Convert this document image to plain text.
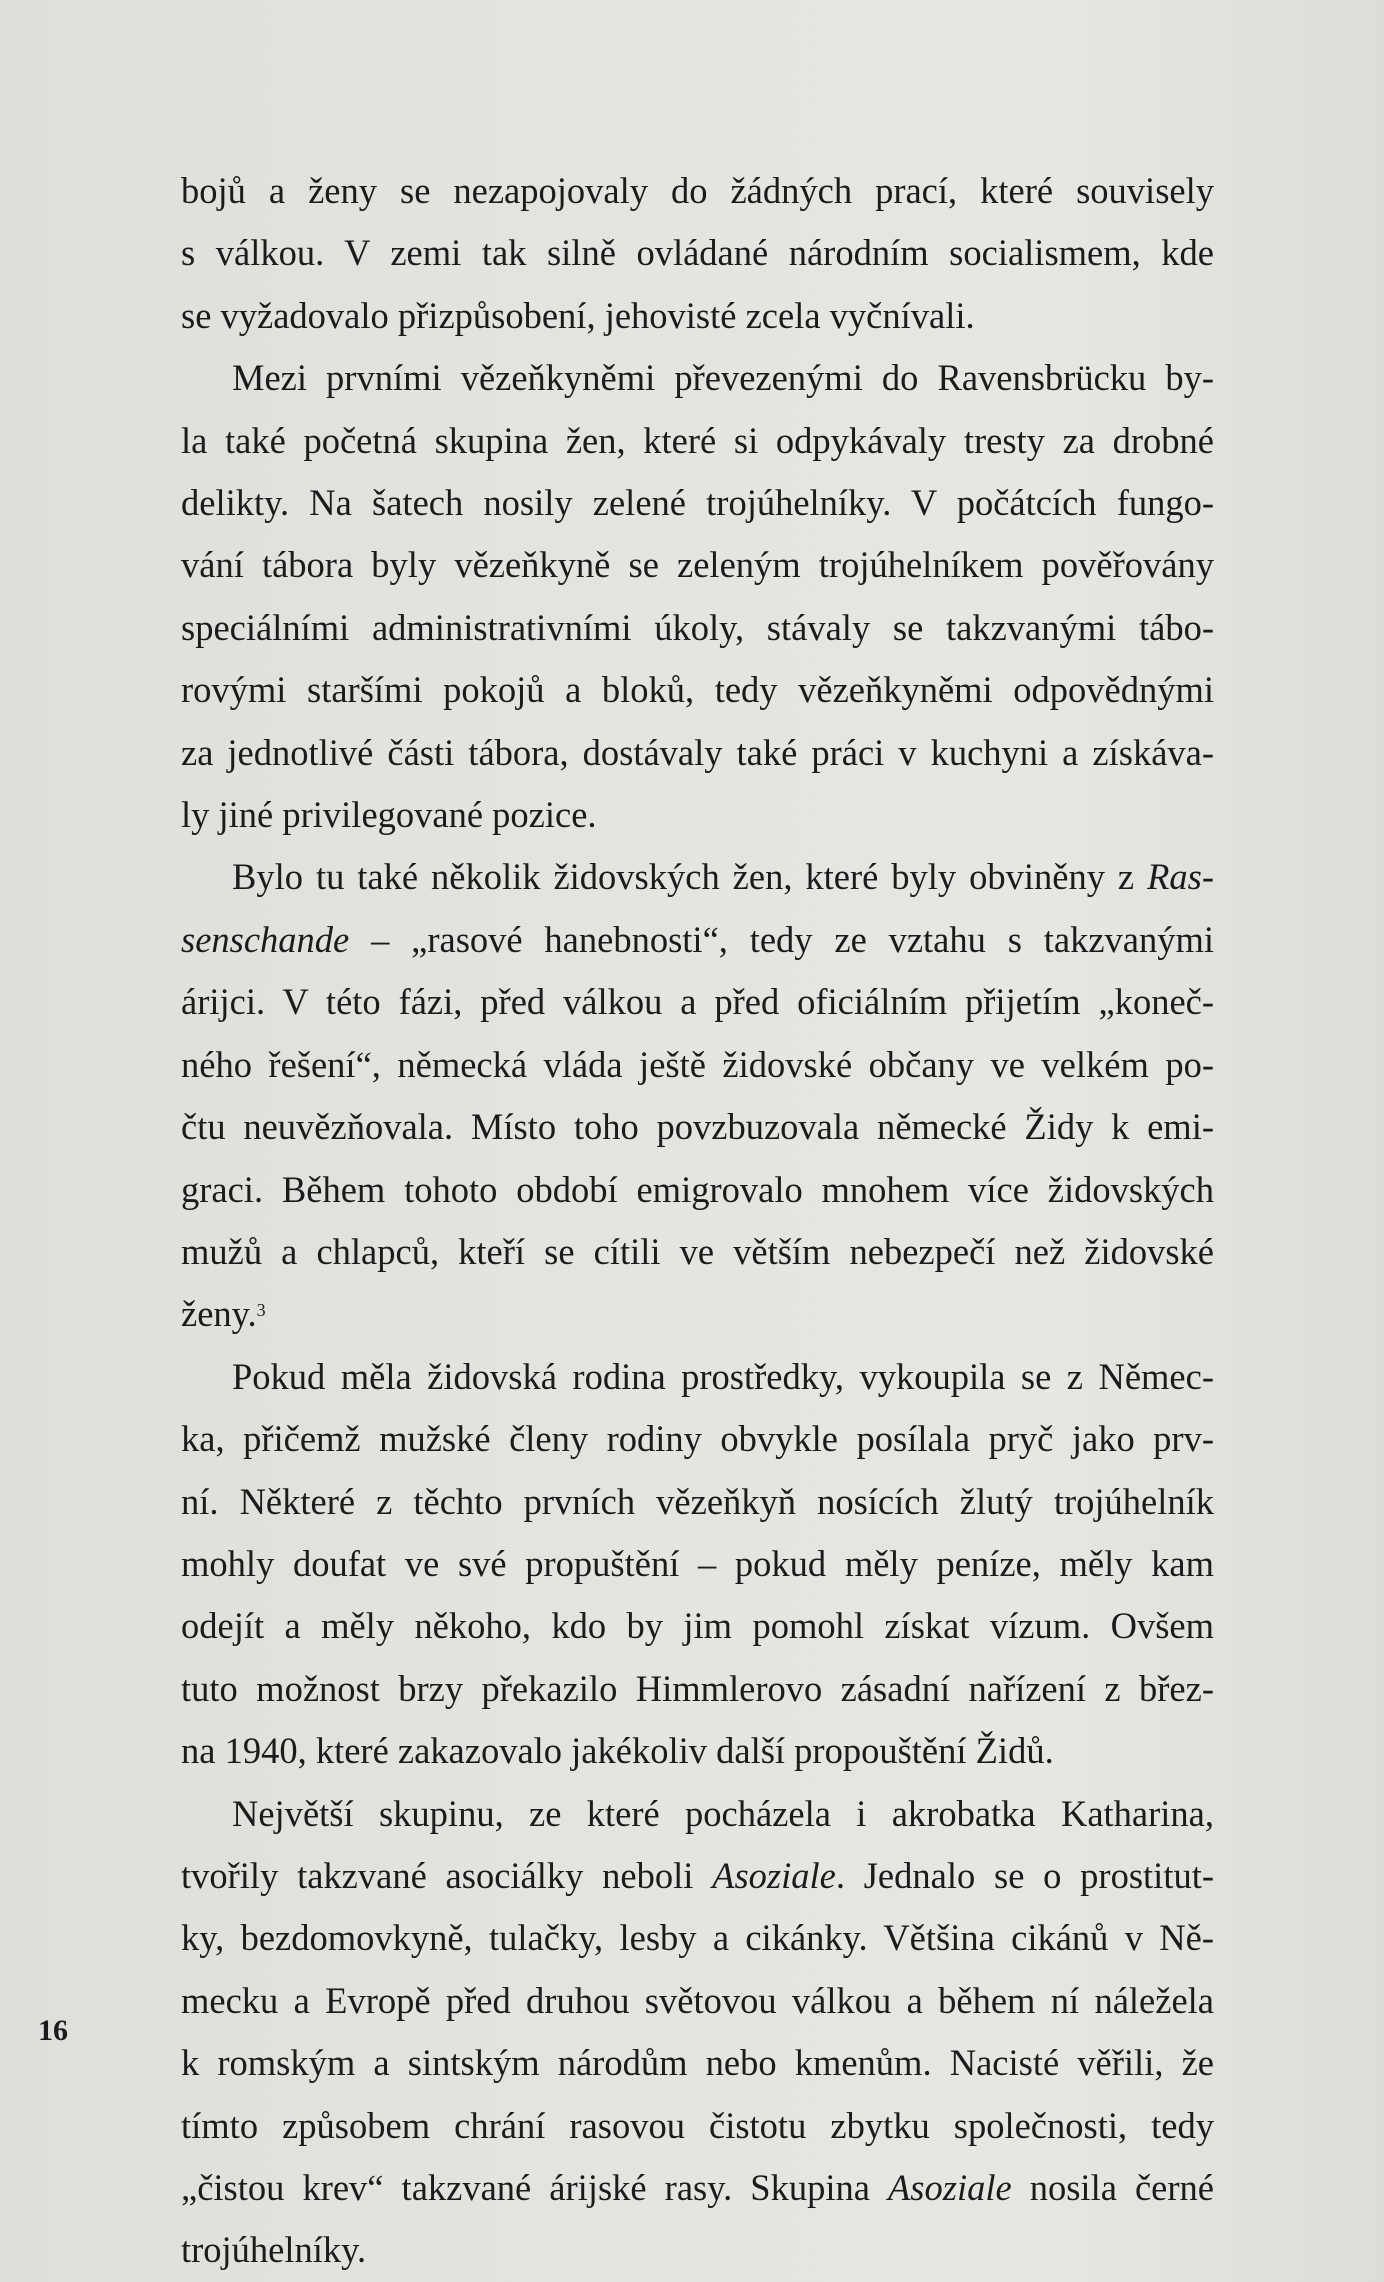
bojů a ženy se nezapojovaly do žádných prací, které souvisely
s válkou. V zemi tak silně ovládané národním socialismem, kde
se vyžadovalo přizpůsobení, jehovisté zcela vyčnívali.
Mezi prvními vězeňkyněmi převezenými do Ravensbrücku by-
la také početná skupina žen, které si odpykávaly tresty za drobné
delikty. Na šatech nosily zelené trojúhelníky. V počátcích fungo-
vání tábora byly vězeňkyně se zeleným trojúhelníkem pověřovány
speciálními administrativními úkoly, stávaly se takzvanými tábo-
rovými staršími pokojů a bloků, tedy vězeňkyněmi odpovědnými
za jednotlivé části tábora, dostávaly také práci v kuchyni a získáva-
ly jiné privilegované pozice.
Bylo tu také několik židovských žen, které byly obviněny z Ras-
senschande – „rasové hanebnosti“, tedy ze vztahu s takzvanými
árijci. V této fázi, před válkou a před oficiálním přijetím „koneč-
ného řešení“, německá vláda ještě židovské občany ve velkém po-
čtu neuvězňovala. Místo toho povzbuzovala německé Židy k emi-
graci. Během tohoto období emigrovalo mnohem více židovských
mužů a chlapců, kteří se cítili ve větším nebezpečí než židovské
ženy.$^3$
Pokud měla židovská rodina prostředky, vykoupila se z Němec-
ka, přičemž mužské členy rodiny obvykle posílala pryč jako prv-
ní. Některé z těchto prvních vězeňkyň nosících žlutý trojúhelník
mohly doufat ve své propuštění – pokud měly peníze, měly kam
odejít a měly někoho, kdo by jim pomohl získat vízum. Ovšem
tuto možnost brzy překazilo Himmlerovo zásadní nařízení z břez-
na 1940, které zakazovalo jakékoliv další propouštění Židů.
Největší skupinu, ze které pocházela i akrobatka Katharina,
tvořily takzvané asociálky neboli Asoziale. Jednalo se o prostitut-
ky, bezdomovkyně, tulačky, lesby a cikánky. Většina cikánů v Ně-
mecku a Evropě před druhou světovou válkou a během ní náležela
k romským a sintským národům nebo kmenům. Nacisté věřili, že
tímto způsobem chrání rasovou čistotu zbytku společnosti, tedy
„čistou krev“ takzvané árijské rasy. Skupina Asoziale nosila černé
trojúhelníky.
16
